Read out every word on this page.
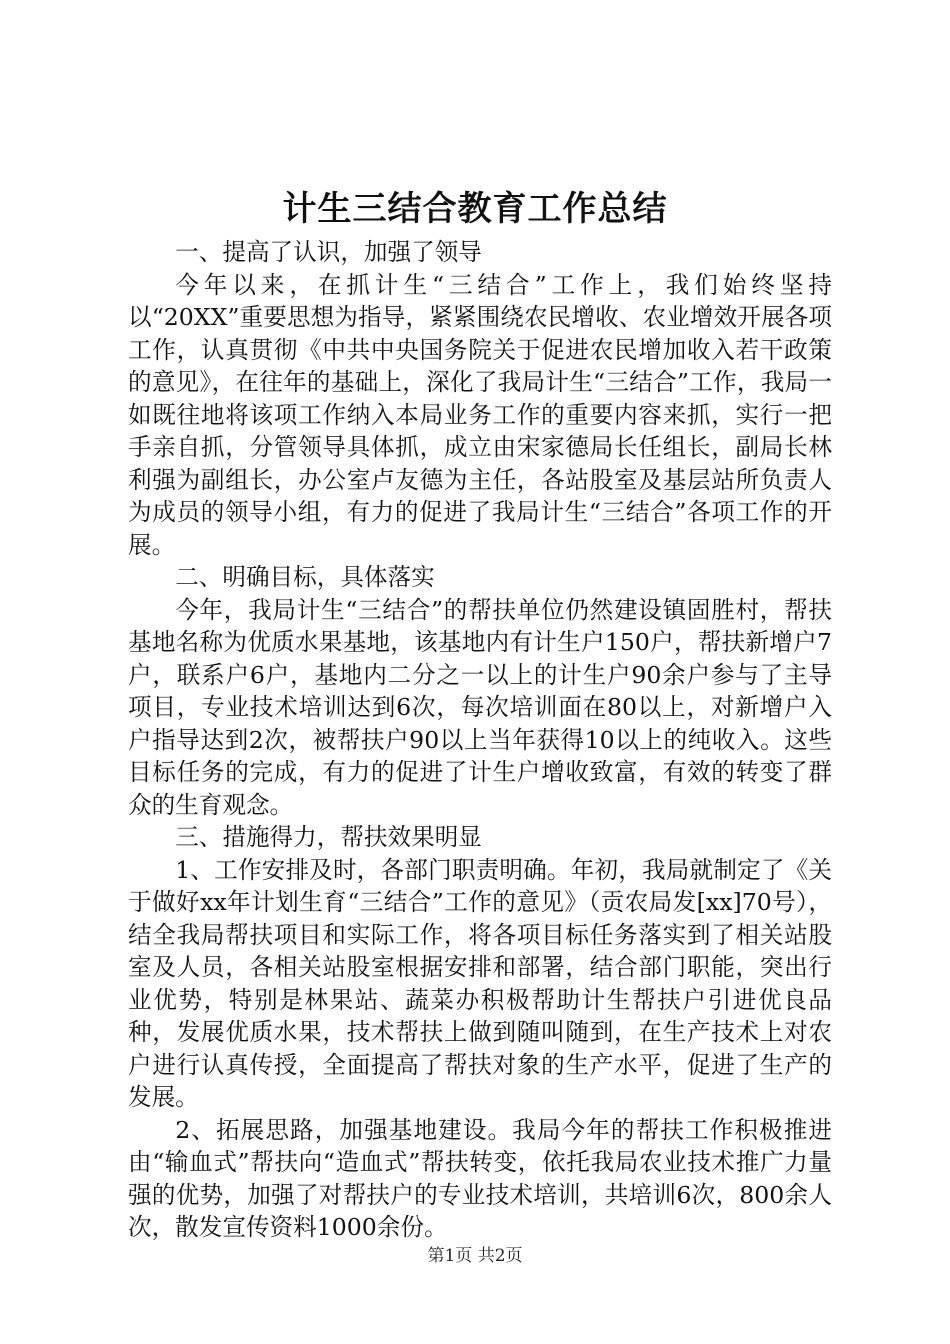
计生三结合教育工作总结

一、提高了认识，加强了领导

今年以来，在抓计生“三结合”工作上，我们始终坚持以“20XX”重要思想为指导，紧紧围绕农民增收、农业增效开展各项工作，认真贯彻《中共中央国务院关于促进农民增加收入若干政策的意见》，在往年的基础上，深化了我局计生“三结合”工作，我局一如既往地将该项工作纳入本局业务工作的重要内容来抓，实行一把手亲自抓，分管领导具体抓，成立由宋家德局长任组长，副局长林利强为副组长，办公室卢友德为主任，各站股室及基层站所负责人为成员的领导小组，有力的促进了我局计生“三结合”各项工作的开展。

二、明确目标，具体落实

今年，我局计生“三结合”的帮扶单位仍然建设镇固胜村，帮扶基地名称为优质水果基地，该基地内有计生户150户，帮扶新增户7户，联系户6户，基地内二分之一以上的计生户90余户参与了主导项目，专业技术培训达到6次，每次培训面在80以上，对新增户入户指导达到2次，被帮扶户90以上当年获得10以上的纯收入。这些目标任务的完成，有力的促进了计生户增收致富，有效的转变了群众的生育观念。

三、措施得力，帮扶效果明显

1、工作安排及时，各部门职责明确。年初，我局就制定了《关于做好xx年计划生育“三结合”工作的意见》（贡农局发[xx]70号），结全我局帮扶项目和实际工作，将各项目标任务落实到了相关站股室及人员，各相关站股室根据安排和部署，结合部门职能，突出行业优势，特别是林果站、蔬菜办积极帮助计生帮扶户引进优良品种，发展优质水果，技术帮扶上做到随叫随到，在生产技术上对农户进行认真传授，全面提高了帮扶对象的生产水平，促进了生产的发展。

2、拓展思路，加强基地建设。我局今年的帮扶工作积极推进由“输血式”帮扶向“造血式”帮扶转变，依托我局农业技术推广力量强的优势，加强了对帮扶户的专业技术培训，共培训6次，800余人次，散发宣传资料1000余份。

第1页 共2页
